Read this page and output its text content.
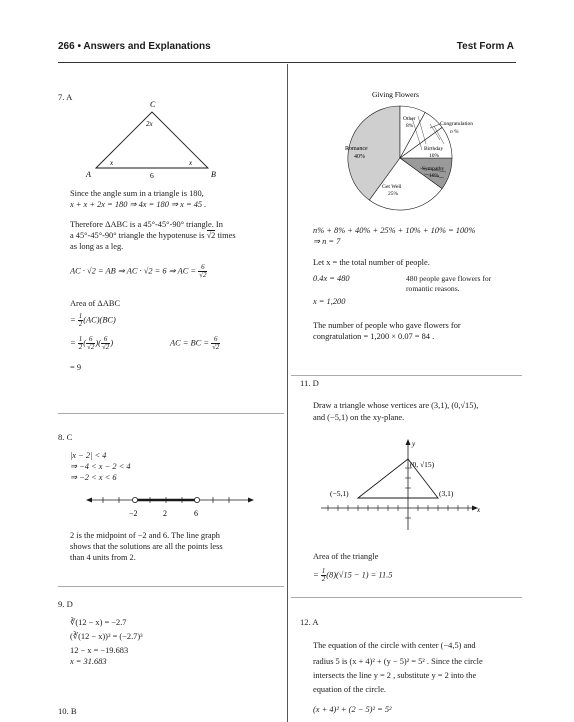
266 • Answers and Explanations	Test Form A
7. A
C
A	B
2x
x	x
6
Since the angle sum in a triangle is 180,
x + x + 2x = 180 ⇒ 4x = 180 ⇒ x = 45 .
Therefore ΔABC is a 45°-45°-90° triangle. In
a 45°-45°-90° triangle the hypotenuse is √2 times
as long as a leg.
AC · √2 = AB ⇒ AC · √2 = 6 ⇒ AC = $\frac{6}{√2}$
Area of ΔABC
= $\frac{1}{2} (AC)(BC)$
= $\frac{1}{2}$ ( $\frac{6}{√2}$ )( $\frac{6}{√2}$ )	AC = BC = $\frac{6}{√2}$
= 9
8. C
|x − 2| < 4
⇒ −4 < x − 2 < 4
⇒ −2 < x < 6
−2	2	6
2 is the midpoint of −2 and 6. The line graph
shows that the solutions are all the points less
than 4 units from 2.
9. D
∛(12 − x) = −2.7
(∛(12 − x))³ = (−2.7)³
12 − x = −19.683
x = 31.683
10. B
Giving Flowers
Romance
40%
Other
8%	Congratulation
n %
Birthday
10%
Sympathy
10%
Get Well
25%
n% + 8% + 40% + 25% + 10% + 10% = 100%
⇒ n = 7
Let x = the total number of people.
0.4x = 480	480 people gave flowers for
romantic reasons.
x = 1,200
The number of people who gave flowers for
congratulation = 1,200 × 0.07 = 84 .
11. D
Draw a triangle whose vertices are (3,1), (0,√15),
and (−5,1) on the xy-plane.
y
x
(0, √15)
(−5,1)	(3,1)
Area of the triangle
= $\frac{1}{2} (8)(√15 - 1) = 11.5$
12. A
The equation of the circle with center (−4,5) and
radius 5 is (x + 4)² + (y − 5)² = 5² . Since the circle
intersects the line y = 2 , substitute y = 2 into the
equation of the circle.
(x + 4)² + (2 − 5)² = 5²
